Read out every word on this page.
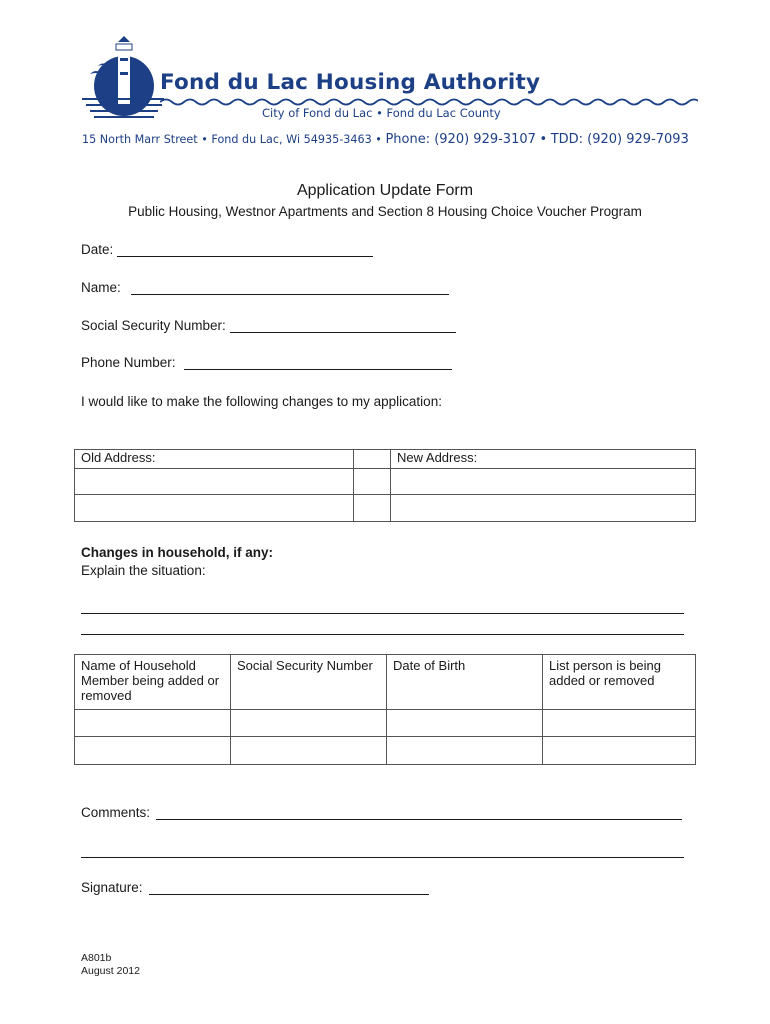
Fond du Lac Housing Authority
City of Fond du Lac • Fond du Lac County
15 North Marr Street • Fond du Lac, Wi 54935-3463 • Phone: (920) 929-3107 • TDD: (920) 929-7093
Application Update Form
Public Housing, Westnor Apartments and Section 8 Housing Choice Voucher Program
Date:
Name:
Social Security Number:
Phone Number:
I would like to make the following changes to my application:
Old Address:		New Address:

Changes in household, if any:
Explain the situation:
Name of Household Member being added or removed	Social Security Number	Date of Birth	List person is being added or removed

Comments:
Signature:
A801b
August 2012
